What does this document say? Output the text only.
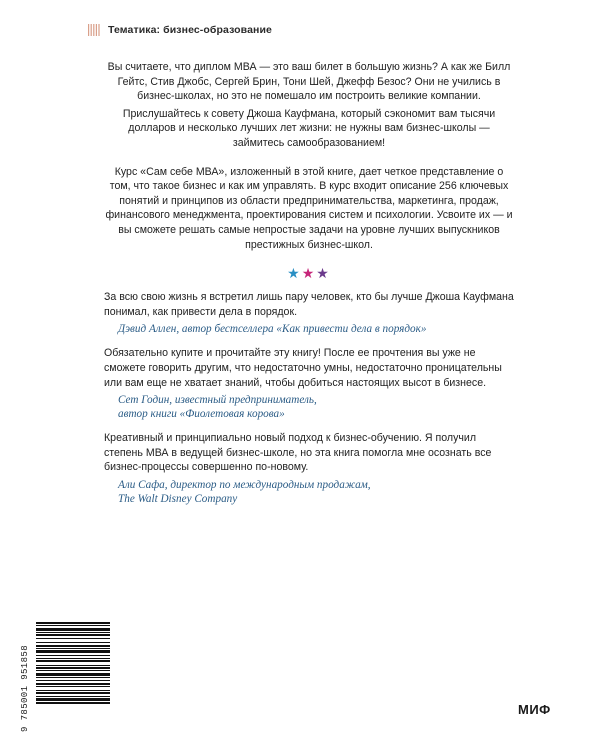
Тематика: бизнес-образование

Вы считаете, что диплом МВА — это ваш билет в большую жизнь? А как же Билл Гейтс, Стив Джобс, Сергей Брин, Тони Шей, Джефф Безос? Они не учились в бизнес-школах, но это не помешало им построить великие компании.

Прислушайтесь к совету Джоша Кауфмана, который сэкономит вам тысячи долларов и несколько лучших лет жизни: не нужны вам бизнес-школы — займитесь самообразованием!

Курс «Сам себе МВА», изложенный в этой книге, дает четкое представление о том, что такое бизнес и как им управлять. В курс входит описание 256 ключевых понятий и принципов из области предпринимательства, маркетинга, продаж, финансового менеджмента, проектирования систем и психологии. Усвоите их — и вы сможете решать самые непростые задачи на уровне лучших выпускников престижных бизнес-школ.

★★★

За всю свою жизнь я встретил лишь пару человек, кто бы лучше Джоша Кауфмана понимал, как привести дела в порядок.

Дэвид Аллен, автор бестселлера «Как привести дела в порядок»

Обязательно купите и прочитайте эту книгу! После ее прочтения вы уже не сможете говорить другим, что недостаточно умны, недостаточно проницательны или вам еще не хватает знаний, чтобы добиться настоящих высот в бизнесе.

Сет Годин, известный предприниматель,
автор книги «Фиолетовая корова»

Креативный и принципиально новый подход к бизнес-обучению. Я получил степень МВА в ведущей бизнес-школе, но эта книга помогла мне осознать все бизнес-процессы совершенно по-новому.

Али Сафа, директор по международным продажам,
The Walt Disney Company
9 785001 951858	МИФ
